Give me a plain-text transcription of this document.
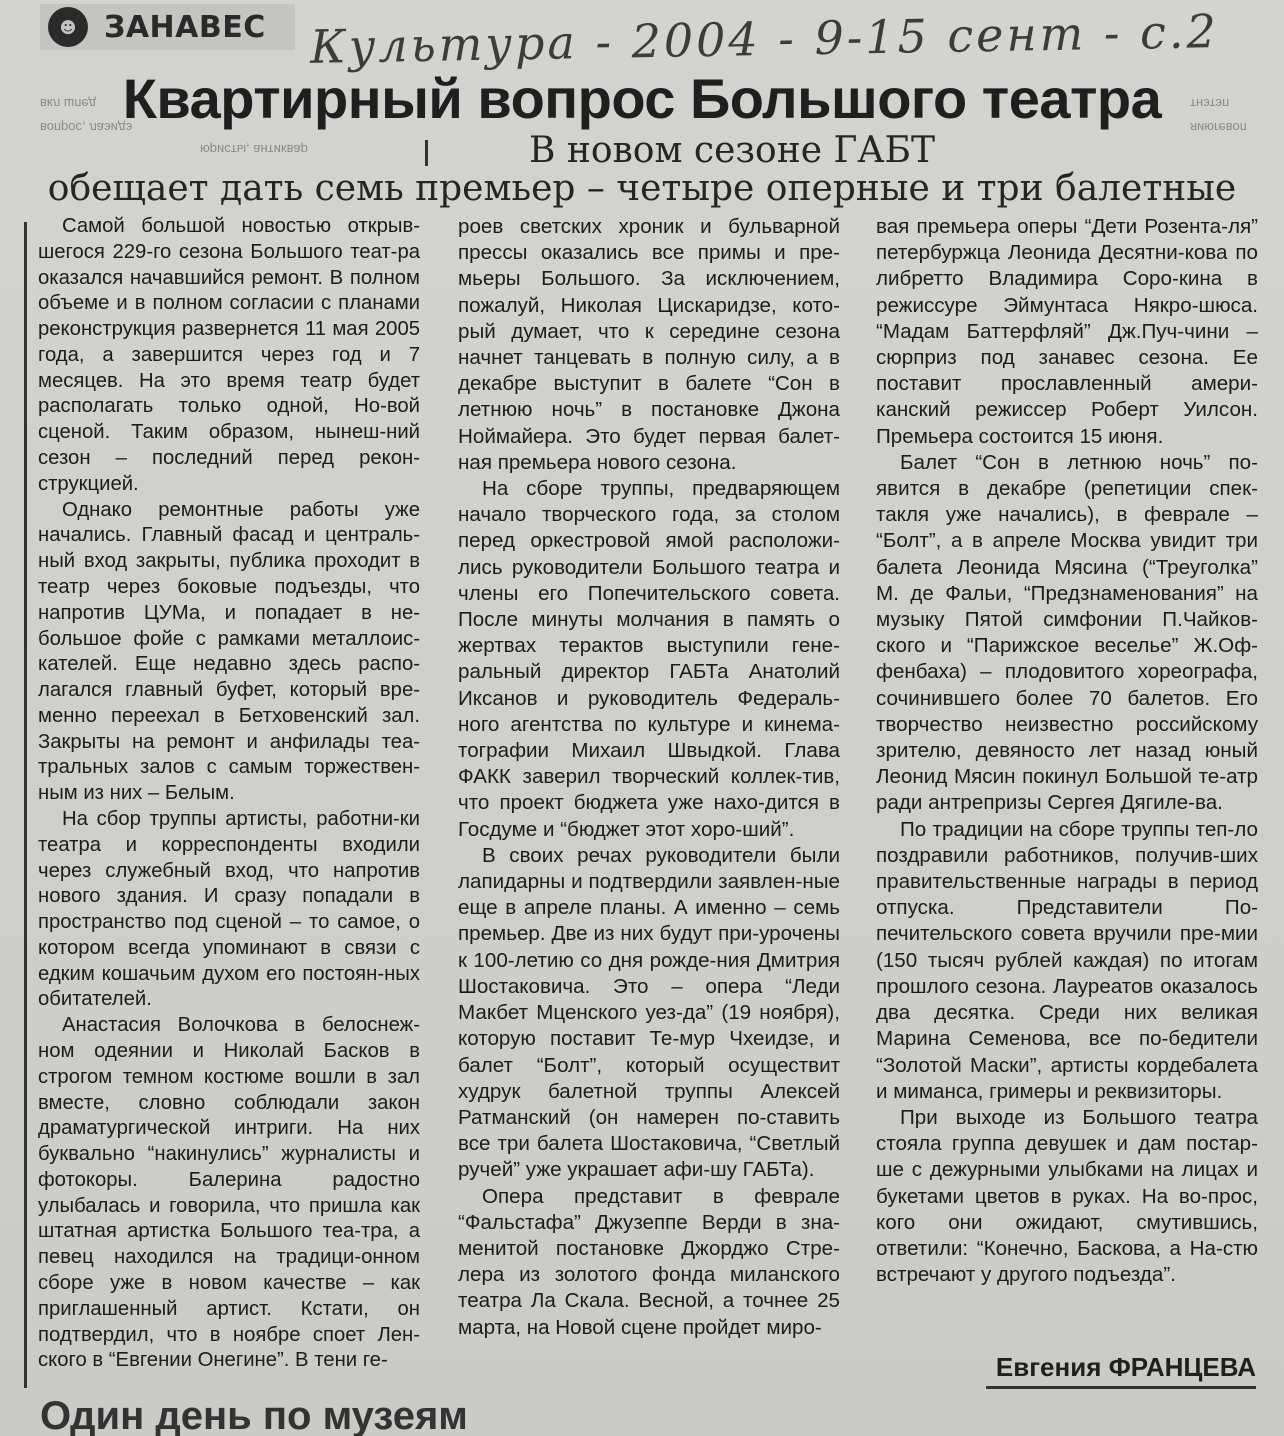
☻ ЗАНАВЕС Культура - 2004 - 9-15 сент - с.2
вкл шпед
вопрос, лаэидэ
юристы, антиквар
тнэтэп
яиюгевоп
Квартирный вопрос Большого театра
В новом сезоне ГАБТ
обещает дать семь премьер – четыре оперные и три балетные

Самой большой новостью открыв-шегося 229-го сезона Большого теат-ра оказался начавшийся ремонт. В полном объеме и в полном согласии с планами реконструкция развернется 11 мая 2005 года, а завершится через год и 7 месяцев. На это время театр будет располагать только одной, Но-вой сценой. Таким образом, нынеш-ний сезон – последний перед рекон-струкцией.

Однако ремонтные работы уже начались. Главный фасад и централь-ный вход закрыты, публика проходит в театр через боковые подъезды, что напротив ЦУМа, и попадает в не-большое фойе с рамками металлоис-кателей. Еще недавно здесь распо-лагался главный буфет, который вре-менно переехал в Бетховенский зал. Закрыты на ремонт и анфилады теа-тральных залов с самым торжествен-ным из них – Белым.

На сбор труппы артисты, работни-ки театра и корреспонденты входили через служебный вход, что напротив нового здания. И сразу попадали в пространство под сценой – то самое, о котором всегда упоминают в связи с едким кошачьим духом его постоян-ных обитателей.

Анастасия Волочкова в белоснеж-ном одеянии и Николай Басков в строгом темном костюме вошли в зал вместе, словно соблюдали закон драматургической интриги. На них буквально “накинулись” журналисты и фотокоры. Балерина радостно улыбалась и говорила, что пришла как штатная артистка Большого теа-тра, а певец находился на традици-онном сборе уже в новом качестве – как приглашенный артист. Кстати, он подтвердил, что в ноябре споет Лен-ского в “Евгении Онегине”. В тени ге-

роев светских хроник и бульварной прессы оказались все примы и пре-мьеры Большого. За исключением, пожалуй, Николая Цискаридзе, кото-рый думает, что к середине сезона начнет танцевать в полную силу, а в декабре выступит в балете “Сон в летнюю ночь” в постановке Джона Ноймайера. Это будет первая балет-ная премьера нового сезона.

На сборе труппы, предваряющем начало творческого года, за столом перед оркестровой ямой расположи-лись руководители Большого театра и члены его Попечительского совета. После минуты молчания в память о жертвах терактов выступили гене-ральный директор ГАБТа Анатолий Иксанов и руководитель Федераль-ного агентства по культуре и кинема-тографии Михаил Швыдкой. Глава ФАКК заверил творческий коллек-тив, что проект бюджета уже нахо-дится в Госдуме и “бюджет этот хоро-ший”.

В своих речах руководители были лапидарны и подтвердили заявлен-ные еще в апреле планы. А именно – семь премьер. Две из них будут при-урочены к 100-летию со дня рожде-ния Дмитрия Шостаковича. Это – опера “Леди Макбет Мценского уез-да” (19 ноября), которую поставит Те-мур Чхеидзе, и балет “Болт”, который осуществит худрук балетной труппы Алексей Ратманский (он намерен по-ставить все три балета Шостаковича, “Светлый ручей” уже украшает афи-шу ГАБТа).

Опера представит в феврале “Фальстафа” Джузеппе Верди в зна-менитой постановке Джорджо Стре-лера из золотого фонда миланского театра Ла Скала. Весной, а точнее 25 марта, на Новой сцене пройдет миро-

вая премьера оперы “Дети Розента-ля” петербуржца Леонида Десятни-кова по либретто Владимира Соро-кина в режиссуре Эймунтаса Някро-шюса. “Мадам Баттерфляй” Дж.Пуч-чини – сюрприз под занавес сезона. Ее поставит прославленный амери-канский режиссер Роберт Уилсон. Премьера состоится 15 июня.

Балет “Сон в летнюю ночь” по-явится в декабре (репетиции спек-такля уже начались), в феврале – “Болт”, а в апреле Москва увидит три балета Леонида Мясина (“Треуголка” М. де Фальи, “Предзнаменования” на музыку Пятой симфонии П.Чайков-ского и “Парижское веселье” Ж.Оф-фенбаха) – плодовитого хореографа, сочинившего более 70 балетов. Его творчество неизвестно российскому зрителю, девяносто лет назад юный Леонид Мясин покинул Большой те-атр ради антрепризы Сергея Дягиле-ва.

По традиции на сборе труппы теп-ло поздравили работников, получив-ших правительственные награды в период отпуска. Представители По-печительского совета вручили пре-мии (150 тысяч рублей каждая) по итогам прошлого сезона. Лауреатов оказалось два десятка. Среди них великая Марина Семенова, все по-бедители “Золотой Маски”, артисты кордебалета и миманса, гримеры и реквизиторы.

При выходе из Большого театра стояла группа девушек и дам постар-ше с дежурными улыбками на лицах и букетами цветов в руках. На во-прос, кого они ожидают, смутившись, ответили: “Конечно, Баскова, а На-стю встречают у другого подъезда”.

Евгения ФРАНЦЕВА
Один день по музеям
